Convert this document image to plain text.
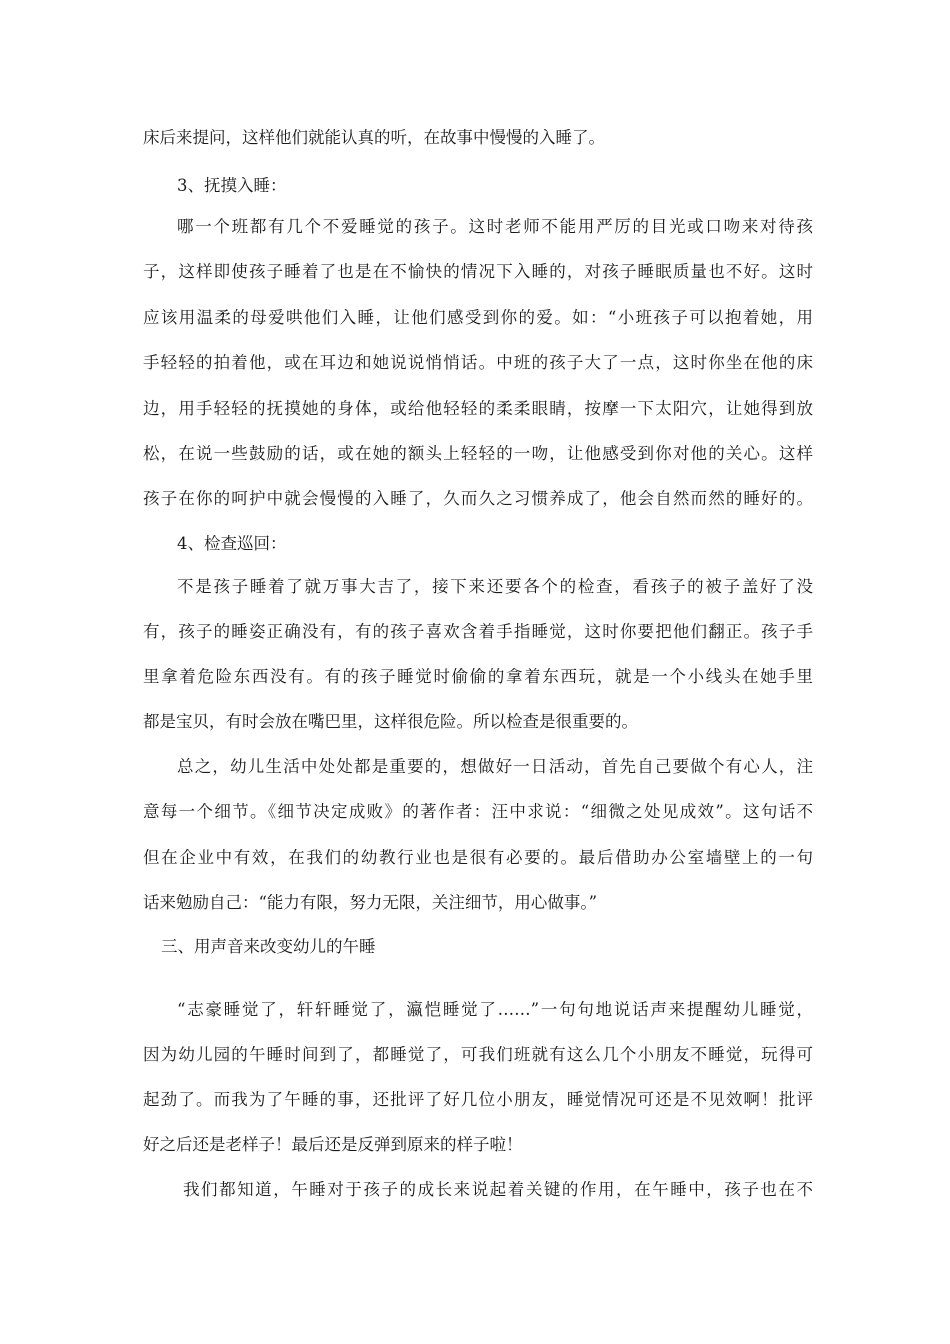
床后来提问，这样他们就能认真的听，在故事中慢慢的入睡了。
3、抚摸入睡：
哪一个班都有几个不爱睡觉的孩子。这时老师不能用严厉的目光或口吻来对待孩
子，这样即使孩子睡着了也是在不愉快的情况下入睡的，对孩子睡眠质量也不好。这时
应该用温柔的母爱哄他们入睡，让他们感受到你的爱。如：“小班孩子可以抱着她，用
手轻轻的拍着他，或在耳边和她说说悄悄话。中班的孩子大了一点，这时你坐在他的床
边，用手轻轻的抚摸她的身体，或给他轻轻的柔柔眼睛，按摩一下太阳穴，让她得到放
松，在说一些鼓励的话，或在她的额头上轻轻的一吻，让他感受到你对他的关心。这样
孩子在你的呵护中就会慢慢的入睡了，久而久之习惯养成了，他会自然而然的睡好的。
4、检查巡回：
不是孩子睡着了就万事大吉了，接下来还要各个的检查，看孩子的被子盖好了没
有，孩子的睡姿正确没有，有的孩子喜欢含着手指睡觉，这时你要把他们翻正。孩子手
里拿着危险东西没有。有的孩子睡觉时偷偷的拿着东西玩，就是一个小线头在她手里
都是宝贝，有时会放在嘴巴里，这样很危险。所以检查是很重要的。
总之，幼儿生活中处处都是重要的，想做好一日活动，首先自己要做个有心人，注
意每一个细节。《细节决定成败》的著作者：汪中求说：“细微之处见成效”。这句话不
但在企业中有效，在我们的幼教行业也是很有必要的。最后借助办公室墙壁上的一句
话来勉励自己：“能力有限，努力无限，关注细节，用心做事。”
三、用声音来改变幼儿的午睡
“志豪睡觉了，轩轩睡觉了，瀛恺睡觉了……”一句句地说话声来提醒幼儿睡觉，
因为幼儿园的午睡时间到了，都睡觉了，可我们班就有这么几个小朋友不睡觉，玩得可
起劲了。而我为了午睡的事，还批评了好几位小朋友，睡觉情况可还是不见效啊！批评
好之后还是老样子！最后还是反弹到原来的样子啦！
我们都知道，午睡对于孩子的成长来说起着关键的作用，在午睡中，孩子也在不
